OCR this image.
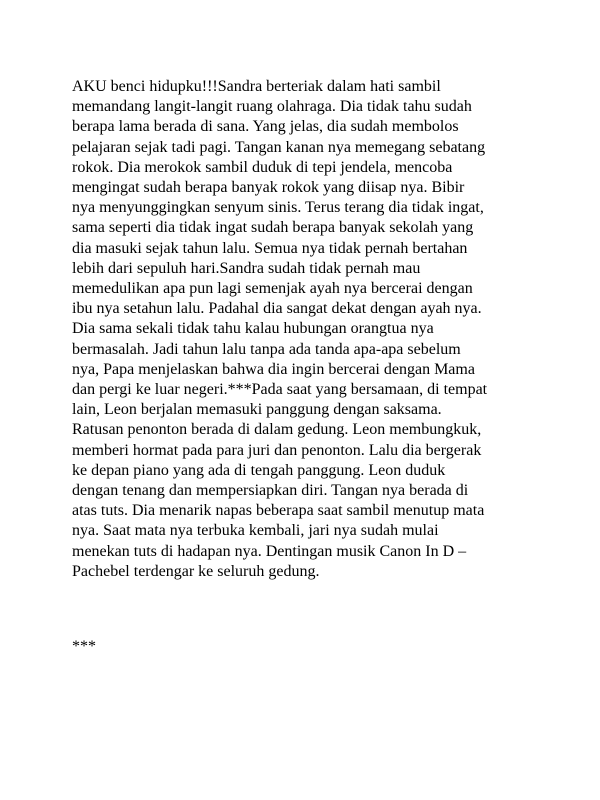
AKU benci hidupku!!!Sandra berteriak dalam hati sambil
memandang langit-langit ruang olahraga. Dia tidak tahu sudah
berapa lama berada di sana. Yang jelas, dia sudah membolos
pelajaran sejak tadi pagi. Tangan kanan nya memegang sebatang
rokok. Dia merokok sambil duduk di tepi jendela, mencoba
mengingat sudah berapa banyak rokok yang diisap nya. Bibir
nya menyunggingkan senyum sinis. Terus terang dia tidak ingat,
sama seperti dia tidak ingat sudah berapa banyak sekolah yang
dia masuki sejak tahun lalu. Semua nya tidak pernah bertahan
lebih dari sepuluh hari.Sandra sudah tidak pernah mau
memedulikan apa pun lagi semenjak ayah nya bercerai dengan
ibu nya setahun lalu. Padahal dia sangat dekat dengan ayah nya.
Dia sama sekali tidak tahu kalau hubungan orangtua nya
bermasalah. Jadi tahun lalu tanpa ada tanda apa-apa sebelum
nya, Papa menjelaskan bahwa dia ingin bercerai dengan Mama
dan pergi ke luar negeri.***Pada saat yang bersamaan, di tempat
lain, Leon berjalan memasuki panggung dengan saksama.
Ratusan penonton berada di dalam gedung. Leon membungkuk,
memberi hormat pada para juri dan penonton. Lalu dia bergerak
ke depan piano yang ada di tengah panggung. Leon duduk
dengan tenang dan mempersiapkan diri. Tangan nya berada di
atas tuts. Dia menarik napas beberapa saat sambil menutup mata
nya. Saat mata nya terbuka kembali, jari nya sudah mulai
menekan tuts di hadapan nya. Dentingan musik Canon In D –
Pachebel terdengar ke seluruh gedung.

***
